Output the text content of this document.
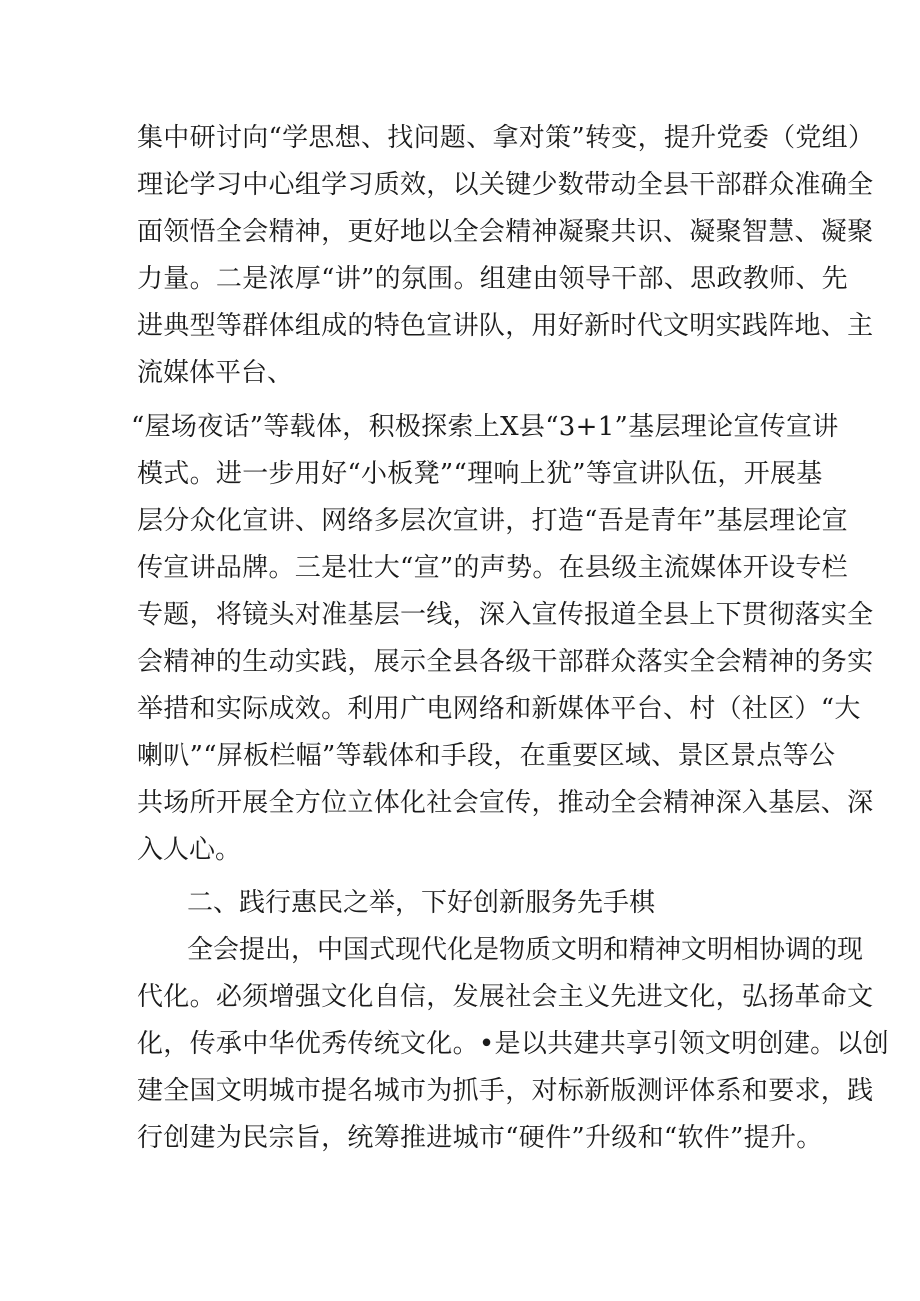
集中研讨向“学思想、找问题、拿对策”转变，提升党委（党组）
理论学习中心组学习质效，以关键少数带动全县干部群众准确全
面领悟全会精神，更好地以全会精神凝聚共识、凝聚智慧、凝聚
力量。二是浓厚“讲”的氛围。组建由领导干部、思政教师、先
进典型等群体组成的特色宣讲队，用好新时代文明实践阵地、主
流媒体平台、
“屋场夜话”等载体，积极探索上X县“3+1”基层理论宣传宣讲
模式。进一步用好“小板凳”“理响上犹”等宣讲队伍，开展基
层分众化宣讲、网络多层次宣讲，打造“吾是青年”基层理论宣
传宣讲品牌。三是壮大“宣”的声势。在县级主流媒体开设专栏
专题，将镜头对准基层一线，深入宣传报道全县上下贯彻落实全
会精神的生动实践，展示全县各级干部群众落实全会精神的务实
举措和实际成效。利用广电网络和新媒体平台、村（社区）“大
喇叭”“屏板栏幅”等载体和手段，在重要区域、景区景点等公
共场所开展全方位立体化社会宣传，推动全会精神深入基层、深
入人心。
二、践行惠民之举，下好创新服务先手棋
全会提出，中国式现代化是物质文明和精神文明相协调的现
代化。必须增强文化自信，发展社会主义先进文化，弘扬革命文
化，传承中华优秀传统文化。•是以共建共享引领文明创建。以创
建全国文明城市提名城市为抓手，对标新版测评体系和要求，践
行创建为民宗旨，统筹推进城市“硬件”升级和“软件”提升。
